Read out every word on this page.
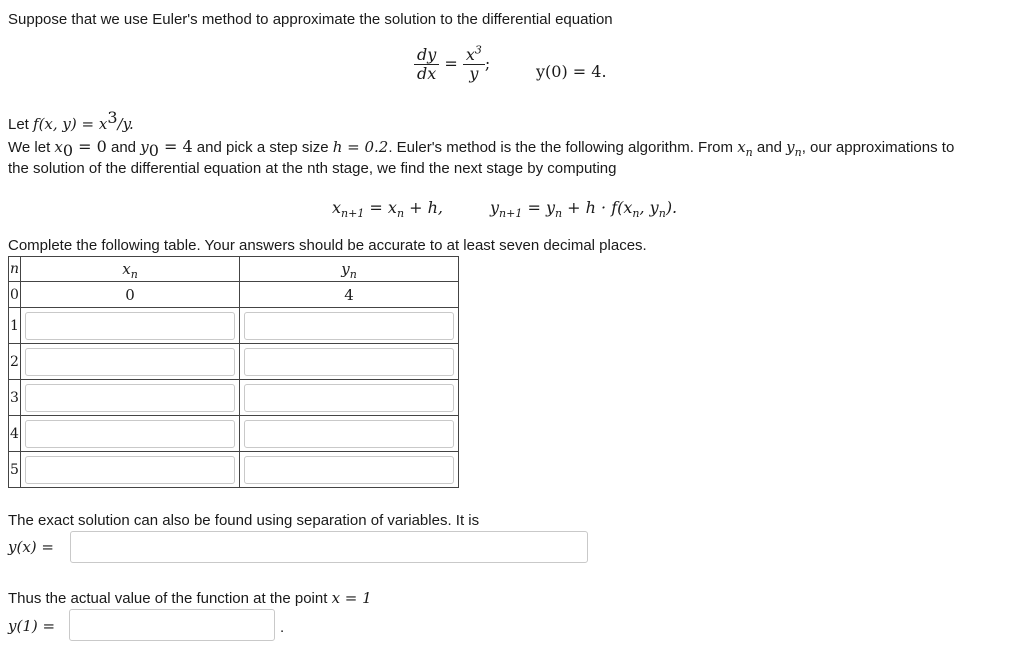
Suppose that we use Euler's method to approximate the solution to the differential equation
$\frac{dy}{dx} = \frac{x^3}{y}$ ;	y(0) = 4.
Let f(x, $y) = x^3/y$.
We let $x_0 = 0$ and $y_0 = 4$ and pick a step size h = 0.2. Euler's method is the the following algorithm. From $x_n$ and $y_n$, our approximations to
the solution of the differential equation at the nth stage, we find the next stage by computing
$x_{n+1} = x_n + h$,	$y_{n+1} = y_n + h \cdot f(x_n$, $y_n$).
Complete the following table. Your answers should be accurate to at least seven decimal places.
n	$x_n$	$y_n$
0	0	4
1	

2	

3	

4	

5	

The exact solution can also be found using separation of variables. It is
y(x) =
Thus the actual value of the function at the point x = 1
y(1) =	.
